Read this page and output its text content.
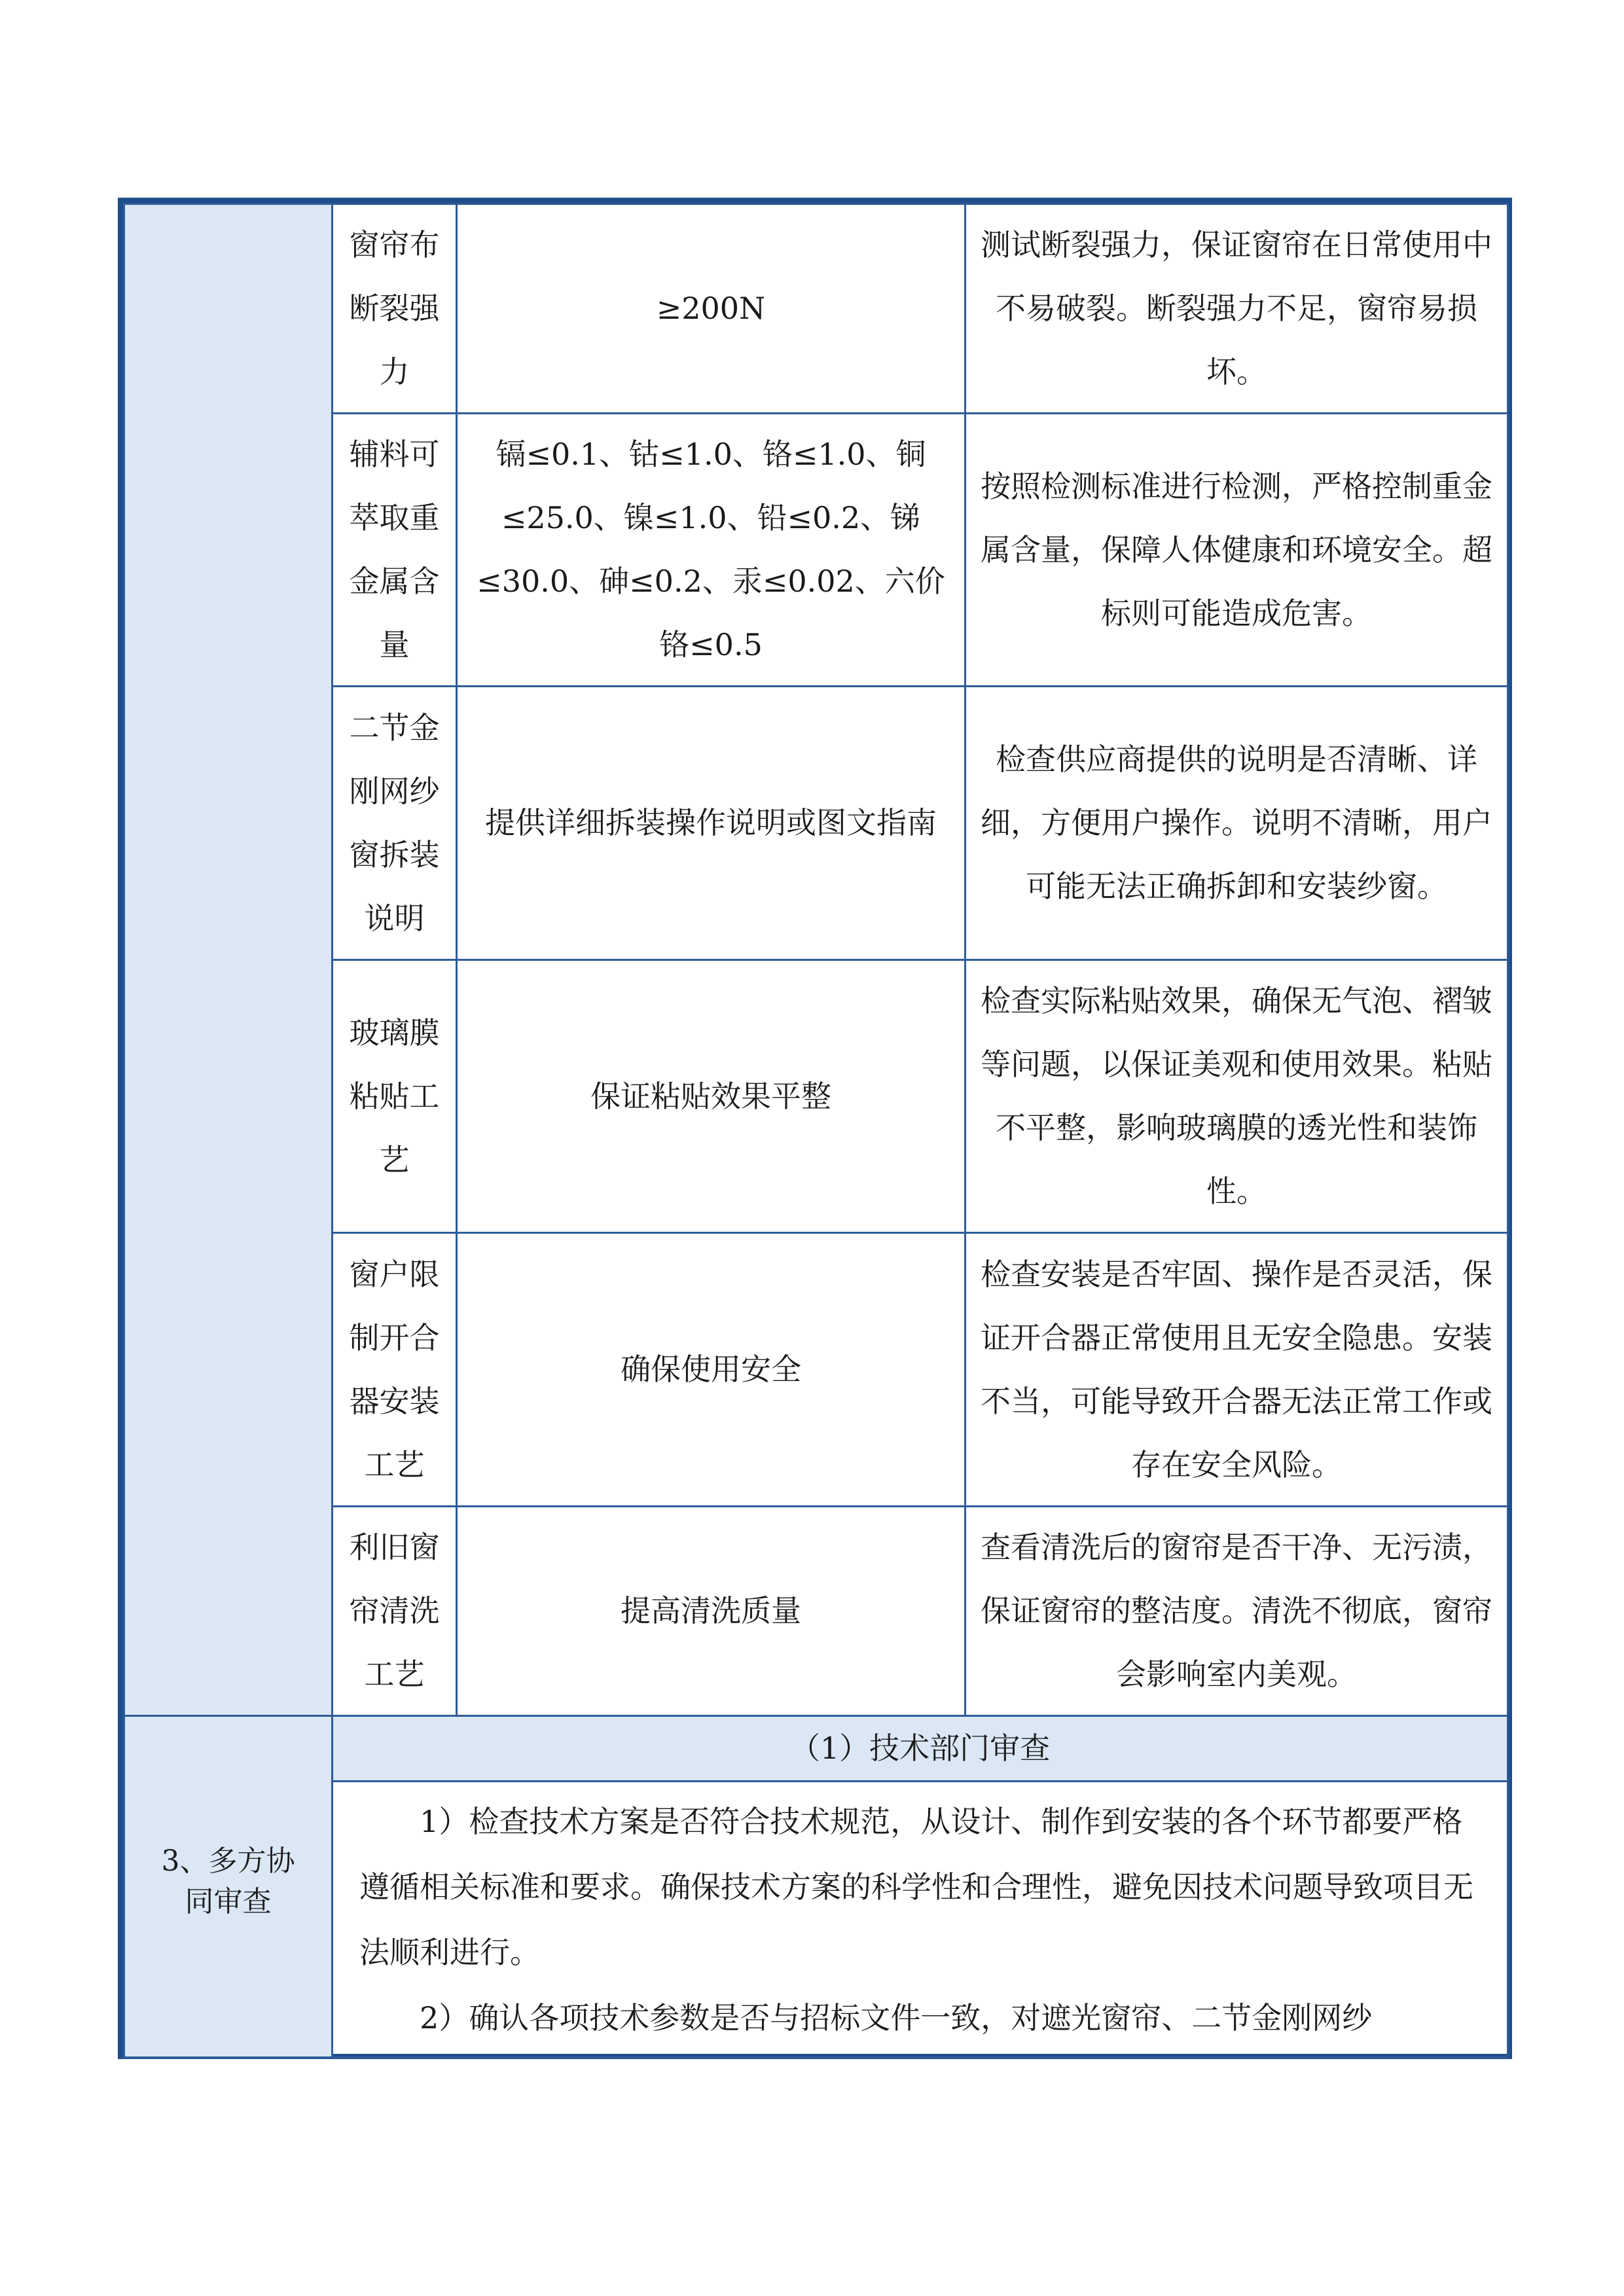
	窗帘布断裂强力	≥200N	测试断裂强力，保证窗帘在日常使用中不易破裂。断裂强力不足，窗帘易损坏。
	辅料可萃取重金属含量	镉≤0.1、钴≤1.0、铬≤1.0、铜≤25.0、镍≤1.0、铅≤0.2、锑≤30.0、砷≤0.2、汞≤0.02、六价铬≤0.5	按照检测标准进行检测，严格控制重金属含量，保障人体健康和环境安全。超标则可能造成危害。
	二节金刚网纱窗拆装说明	提供详细拆装操作说明或图文指南	检查供应商提供的说明是否清晰、详细，方便用户操作。说明不清晰，用户可能无法正确拆卸和安装纱窗。
	玻璃膜粘贴工艺	保证粘贴效果平整	检查实际粘贴效果，确保无气泡、褶皱等问题，以保证美观和使用效果。粘贴不平整，影响玻璃膜的透光性和装饰性。
	窗户限制开合器安装工艺	确保使用安全	检查安装是否牢固、操作是否灵活，保证开合器正常使用且无安全隐患。安装不当，可能导致开合器无法正常工作或存在安全风险。
	利旧窗帘清洗工艺	提高清洗质量	查看清洗后的窗帘是否干净、无污渍，保证窗帘的整洁度。清洗不彻底，窗帘会影响室内美观。
3、多方协同审查	（1）技术部门审查		

	1）检查技术方案是否符合技术规范，从设计、制作到安装的各个环节都要严格遵循相关标准和要求。确保技术方案的科学性和合理性，避免因技术问题导致项目无法顺利进行。

2）确认各项技术参数是否与招标文件一致，对遮光窗帘、二节金刚网纱		
